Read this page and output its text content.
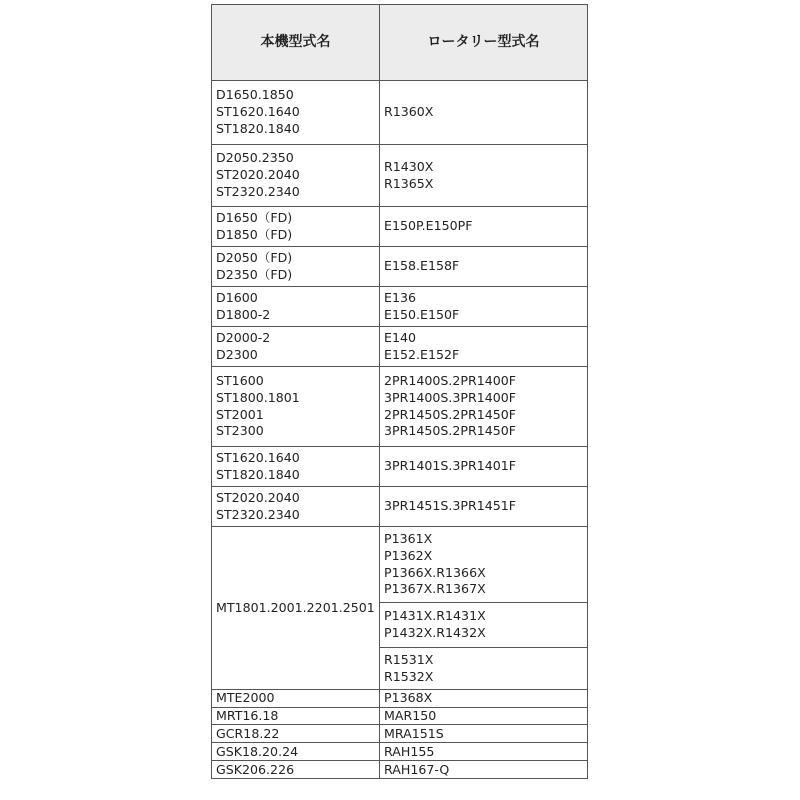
本機型式名	ロータリー型式名

D1650.1850
ST1620.1640
ST1820.1840	R1360X

D2050.2350
ST2020.2040
ST2320.2340	R1430X
R1365X

D1650（FD)
D1850（FD)	E150P.E150PF

D2050（FD)
D2350（FD)	E158.E158F

D1600
D1800-2	E136
E150.E150F

D2000-2
D2300	E140
E152.E152F

ST1600
ST1800.1801
ST2001
ST2300	2PR1400S.2PR1400F
3PR1400S.3PR1400F
2PR1450S.2PR1450F
3PR1450S.2PR1450F

ST1620.1640
ST1820.1840	3PR1401S.3PR1401F

ST2020.2040
ST2320.2340	3PR1451S.3PR1451F

MT1801.2001.2201.2501	P1361X
P1362X
P1366X.R1366X
P1367X.R1367X

	P1431X.R1431X
P1432X.R1432X

	R1531X
R1532X

MTE2000	P1368X

MRT16.18	MAR150

GCR18.22	MRA151S

GSK18.20.24	RAH155

GSK206.226	RAH167-Q
